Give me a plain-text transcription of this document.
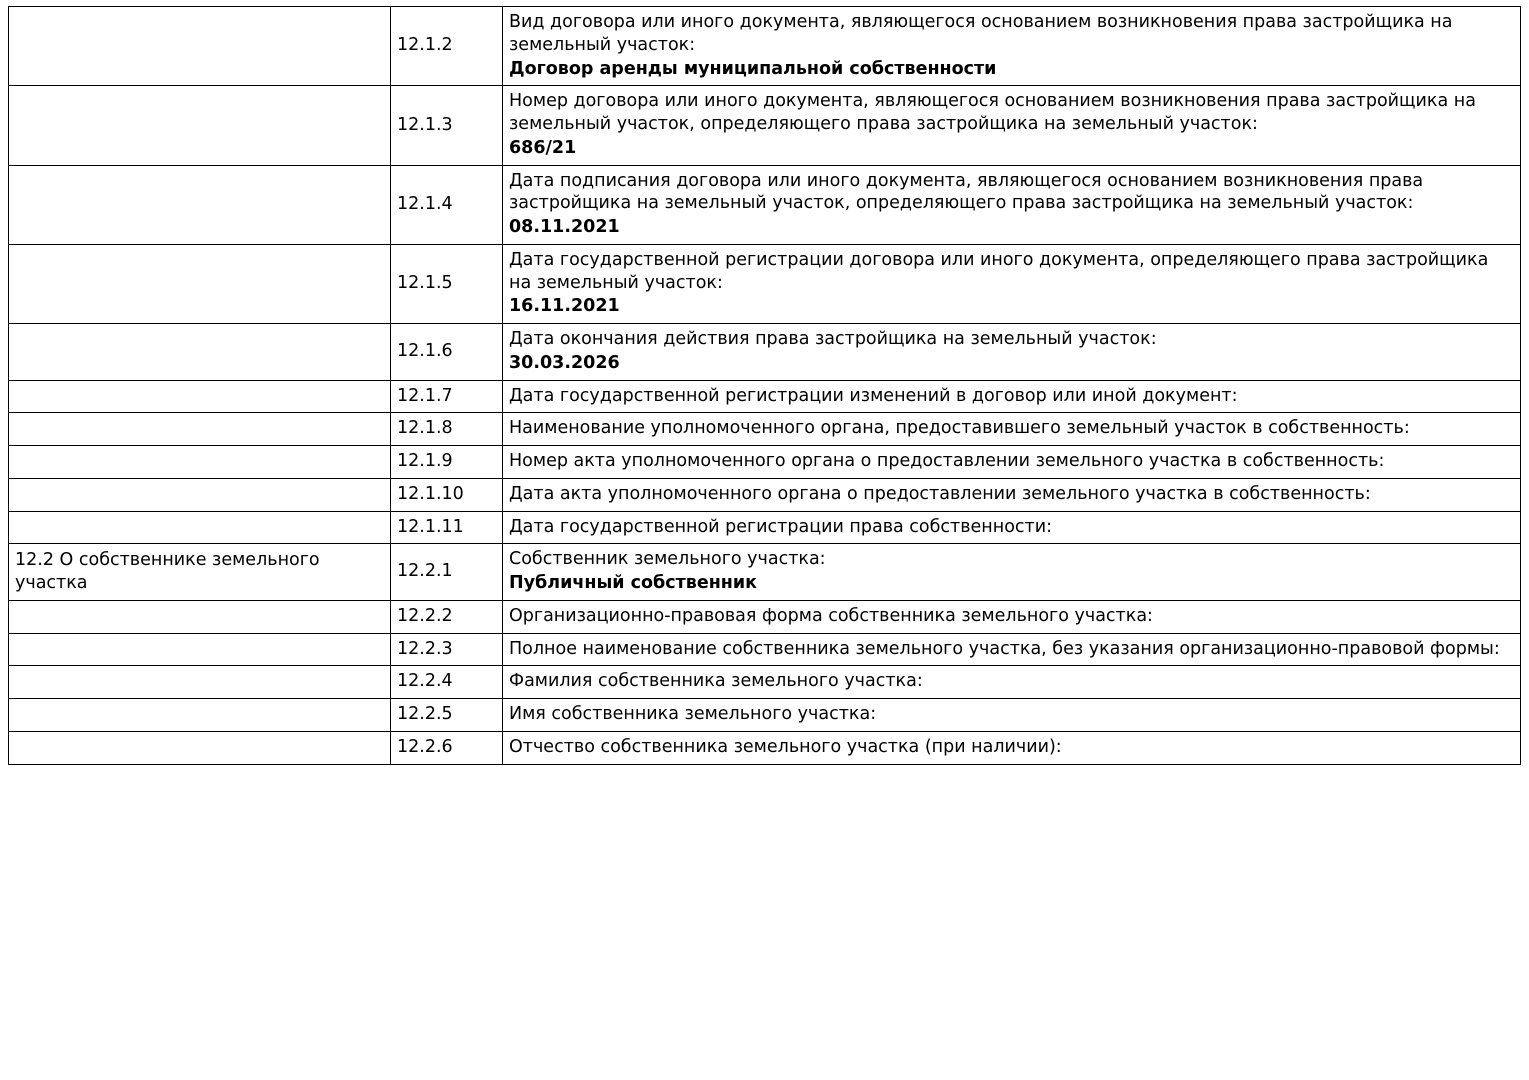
	12.1.2	Вид договора или иного документа, являющегося основанием возникновения права застройщика на земельный участок:
Договор аренды муниципальной собственности

	12.1.3	Номер договора или иного документа, являющегося основанием возникновения права застройщика на земельный участок, определяющего права застройщика на земельный участок:
686/21

	12.1.4	Дата подписания договора или иного документа, являющегося основанием возникновения права застройщика на земельный участок, определяющего права застройщика на земельный участок:
08.11.2021

	12.1.5	Дата государственной регистрации договора или иного документа, определяющего права застройщика на земельный участок:
16.11.2021

	12.1.6	Дата окончания действия права застройщика на земельный участок:
30.03.2026

	12.1.7	Дата государственной регистрации изменений в договор или иной документ:

	12.1.8	Наименование уполномоченного органа, предоставившего земельный участок в собственность:

	12.1.9	Номер акта уполномоченного органа о предоставлении земельного участка в собственность:

	12.1.10	Дата акта уполномоченного органа о предоставлении земельного участка в собственность:

	12.1.11	Дата государственной регистрации права собственности:

12.2 О собственнике земельного участка	12.2.1	Собственник земельного участка:
Публичный собственник

	12.2.2	Организационно-правовая форма собственника земельного участка:

	12.2.3	Полное наименование собственника земельного участка, без указания организационно-правовой формы:

	12.2.4	Фамилия собственника земельного участка:

	12.2.5	Имя собственника земельного участка:

	12.2.6	Отчество собственника земельного участка (при наличии):
